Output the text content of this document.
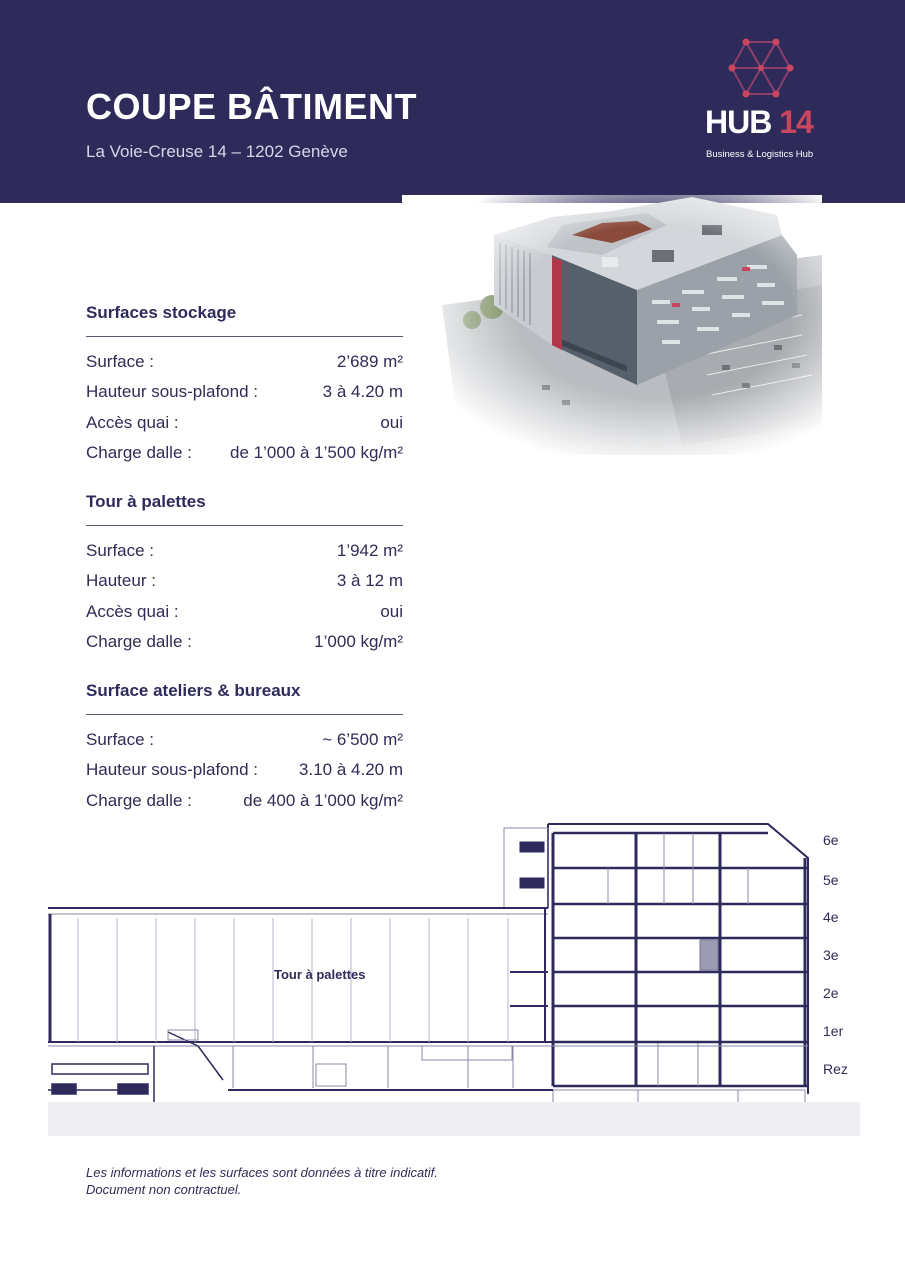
COUPE BÂTIMENT
La Voie-Creuse 14 – 1202 Genève
HUB 14
Business & Logistics Hub
Surfaces stockage
Surface :	2’689 m²
Hauteur sous-plafond :	3 à 4.20 m
Accès quai :	oui
Charge dalle : de 1’000 à 1’500 kg/m²
Tour à palettes
Surface :	1’942 m²
Hauteur :	3 à 12 m
Accès quai :	oui
Charge dalle :	1’000 kg/m²
Surface ateliers & bureaux
Surface :	~ 6’500 m²
Hauteur sous-plafond : 3.10 à 4.20 m
Charge dalle :	de 400 à 1’000 kg/m²
Tour à palettes
6e
5e
4e
3e
2e
1er
Rez
Les informations et les surfaces sont données à titre indicatif.
Document non contractuel.
